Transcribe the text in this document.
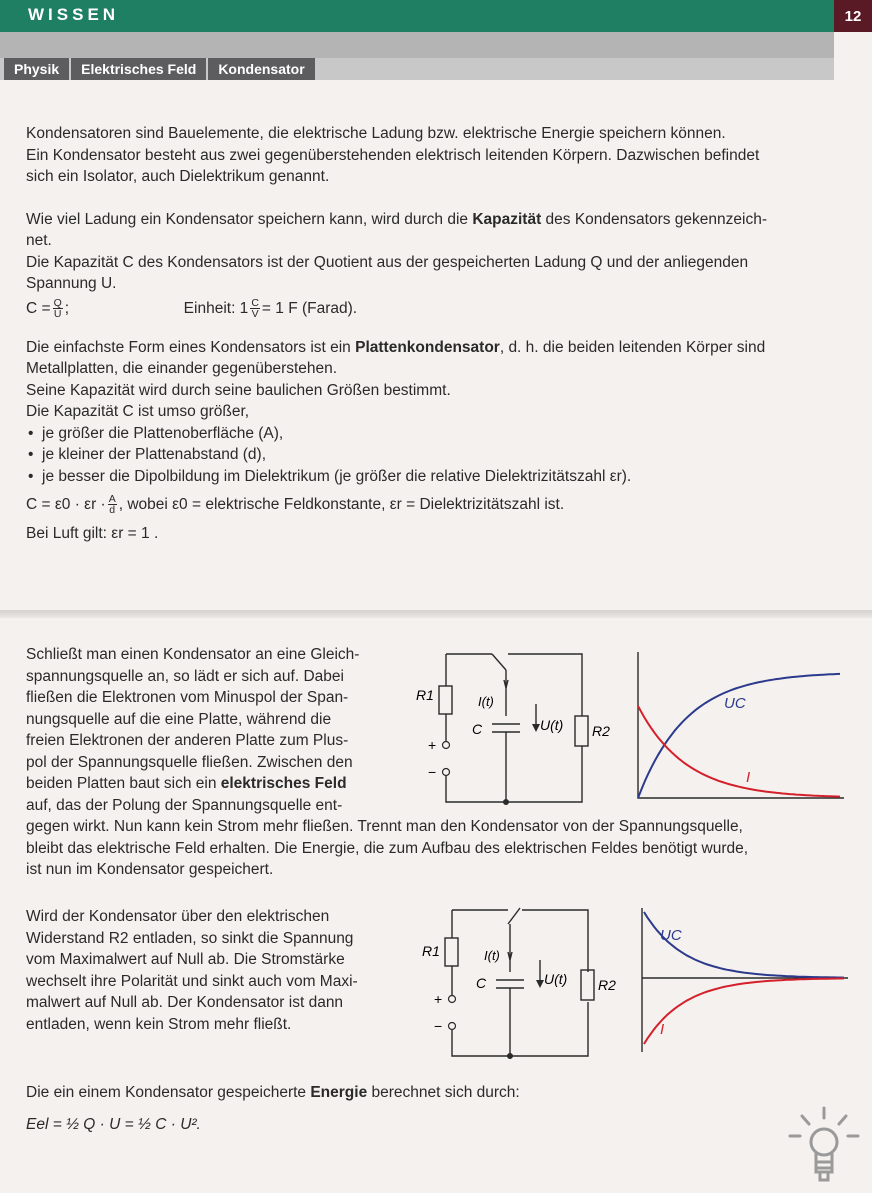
WISSEN	12
Physik	Elektrisches Feld	Kondensator

Kondensatoren sind Bauelemente, die elektrische Ladung bzw. elektrische Energie speichern können.

Ein Kondensator besteht aus zwei gegenüberstehenden elektrisch leitenden Körpern. Dazwischen befindet

sich ein Isolator, auch Dielektrikum genannt.

Wie viel Ladung ein Kondensator speichern kann, wird durch die Kapazität des Kondensators gekennzeich-

net.

Die Kapazität C des Kondensators ist der Quotient aus der gespeicherten Ladung Q und der anliegenden

Spannung U.

$C = \frac{Q}{U}$ ;	Einheit: $1 \frac{C}{V} = 1$ F (Farad).

Die einfachste Form eines Kondensators ist ein Plattenkondensator, d. h. die beiden leitenden Körper sind

Metallplatten, die einander gegenüberstehen.

Seine Kapazität wird durch seine baulichen Größen bestimmt.

Die Kapazität C ist umso größer,

• je größer die Plattenoberfläche (A),
• je kleiner der Plattenabstand (d),
• je besser die Dipolbildung im Dielektrikum (je größer die relative Dielektrizitätszahl εr).

$C = \varepsilon 0 \cdot \varepsilon r \cdot \frac{A}{d}$ , wobei ε0 = elektrische Feldkonstante, εr = Dielektrizitätszahl ist.

Bei Luft gilt: εr = 1 .

Schließt man einen Kondensator an eine Gleich-

spannungsquelle an, so lädt er sich auf. Dabei

fließen die Elektronen vom Minuspol der Span-

nungsquelle auf die eine Platte, während die

freien Elektronen der anderen Platte zum Plus-

pol der Spannungsquelle fließen. Zwischen den

beiden Platten baut sich ein elektrisches Feld

auf, das der Polung der Spannungsquelle ent-

gegen wirkt. Nun kann kein Strom mehr fließen. Trennt man den Kondensator von der Spannungsquelle,

bleibt das elektrische Feld erhalten. Die Energie, die zum Aufbau des elektrischen Feldes benötigt wurde,

ist nun im Kondensator gespeichert.

R1	I(t)
C	U(t) R2
+
−
UC
I

Wird der Kondensator über den elektrischen

Widerstand R2 entladen, so sinkt die Spannung

vom Maximalwert auf Null ab. Die Stromstärke

wechselt ihre Polarität und sinkt auch vom Maxi-

malwert auf Null ab. Der Kondensator ist dann

entladen, wenn kein Strom mehr fließt.

R1	I(t)
C	U(t) R2
+
−
UC
I

Die ein einem Kondensator gespeicherte Energie berechnet sich durch:

Eel = ½ Q · U = ½ C · U².
